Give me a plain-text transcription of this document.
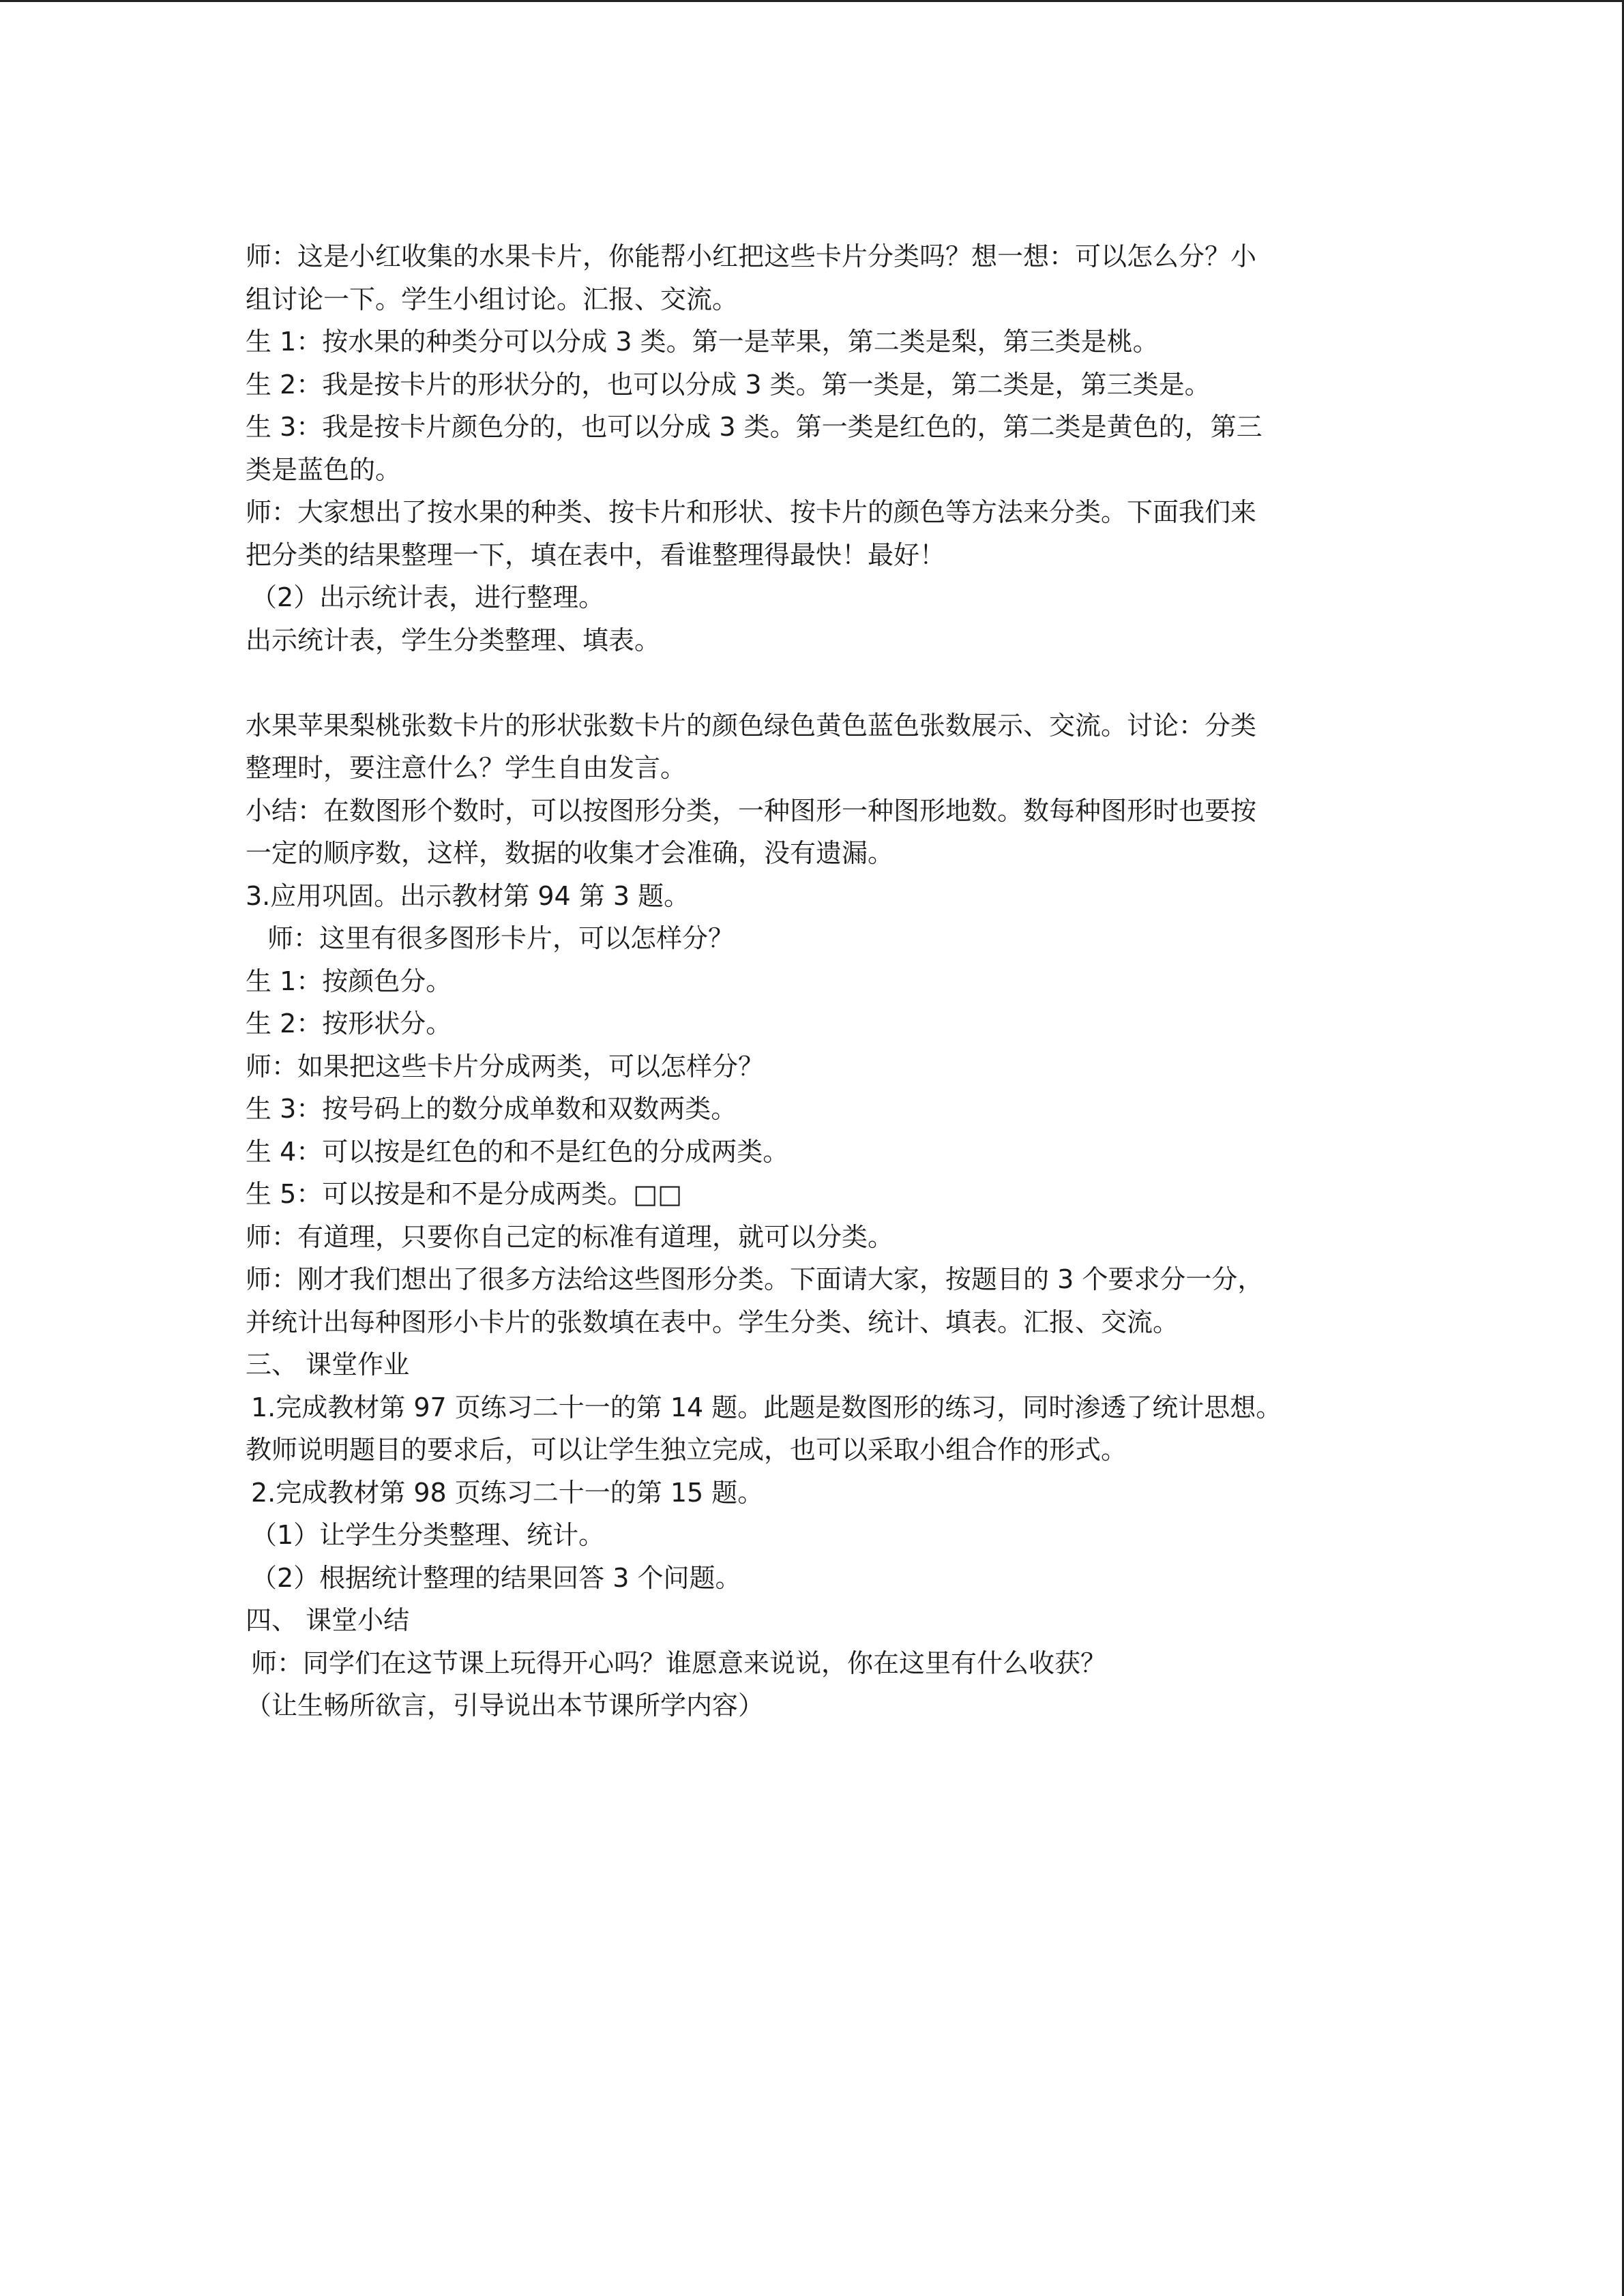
师：这是小红收集的水果卡片，你能帮小红把这些卡片分类吗？想一想：可以怎么分？小
组讨论一下。学生小组讨论。汇报、交流。
生 1：按水果的种类分可以分成 3 类。第一是苹果，第二类是梨，第三类是桃。
生 2：我是按卡片的形状分的，也可以分成 3 类。第一类是，第二类是，第三类是。
生 3：我是按卡片颜色分的，也可以分成 3 类。第一类是红色的，第二类是黄色的，第三
类是蓝色的。
师：大家想出了按水果的种类、按卡片和形状、按卡片的颜色等方法来分类。下面我们来
把分类的结果整理一下，填在表中，看谁整理得最快！最好！
（2）出示统计表，进行整理。
出示统计表，学生分类整理、填表。
水果苹果梨桃张数卡片的形状张数卡片的颜色绿色黄色蓝色张数展示、交流。讨论：分类
整理时，要注意什么？学生自由发言。
小结：在数图形个数时，可以按图形分类，一种图形一种图形地数。数每种图形时也要按
一定的顺序数，这样，数据的收集才会准确，没有遗漏。
3.应用巩固。出示教材第 94 第 3 题。
师：这里有很多图形卡片，可以怎样分？
生 1：按颜色分。
生 2：按形状分。
师：如果把这些卡片分成两类，可以怎样分？
生 3：按号码上的数分成单数和双数两类。
生 4：可以按是红色的和不是红色的分成两类。
生 5：可以按是和不是分成两类。□□
师：有道理，只要你自己定的标准有道理，就可以分类。
师：刚才我们想出了很多方法给这些图形分类。下面请大家，按题目的 3 个要求分一分，
并统计出每种图形小卡片的张数填在表中。学生分类、统计、填表。汇报、交流。
三、 课堂作业
1.完成教材第 97 页练习二十一的第 14 题。此题是数图形的练习，同时渗透了统计思想。
教师说明题目的要求后，可以让学生独立完成，也可以采取小组合作的形式。
2.完成教材第 98 页练习二十一的第 15 题。
（1）让学生分类整理、统计。
（2）根据统计整理的结果回答 3 个问题。
四、 课堂小结
师：同学们在这节课上玩得开心吗？谁愿意来说说，你在这里有什么收获？
（让生畅所欲言，引导说出本节课所学内容）
